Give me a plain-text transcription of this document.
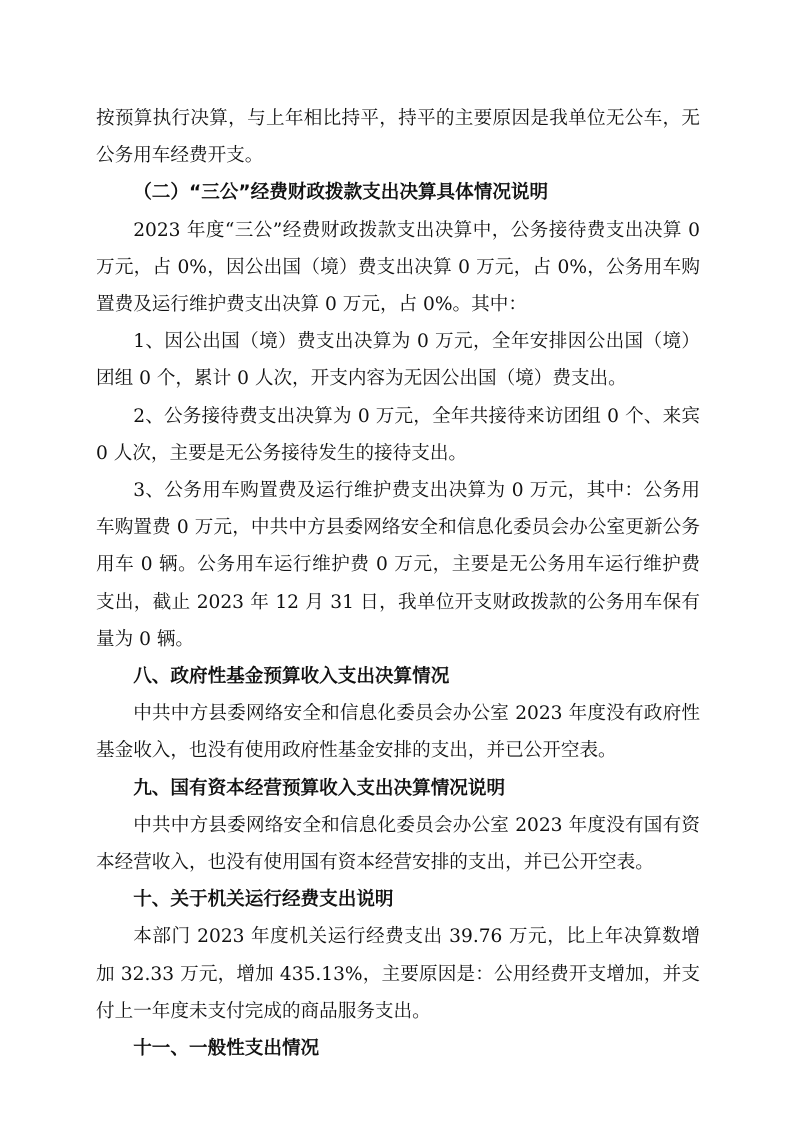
按预算执行决算，与上年相比持平，持平的主要原因是我单位无公车，无公务用车经费开支。

（二）“三公”经费财政拨款支出决算具体情况说明

2023 年度“三公”经费财政拨款支出决算中，公务接待费支出决算 0 万元，占 0%，因公出国（境）费支出决算 0 万元，占 0%，公务用车购置费及运行维护费支出决算 0 万元，占 0%。其中：

1、因公出国（境）费支出决算为 0 万元，全年安排因公出国（境）团组 0 个，累计 0 人次，开支内容为无因公出国（境）费支出。

2、公务接待费支出决算为 0 万元，全年共接待来访团组 0 个、来宾 0 人次，主要是无公务接待发生的接待支出。

3、公务用车购置费及运行维护费支出决算为 0 万元，其中：公务用车购置费 0 万元，中共中方县委网络安全和信息化委员会办公室更新公务用车 0 辆。公务用车运行维护费 0 万元，主要是无公务用车运行维护费支出，截止 2023 年 12 月 31 日，我单位开支财政拨款的公务用车保有量为 0 辆。

八、政府性基金预算收入支出决算情况

中共中方县委网络安全和信息化委员会办公室 2023 年度没有政府性基金收入，也没有使用政府性基金安排的支出，并已公开空表。

九、国有资本经营预算收入支出决算情况说明

中共中方县委网络安全和信息化委员会办公室 2023 年度没有国有资本经营收入，也没有使用国有资本经营安排的支出，并已公开空表。

十、关于机关运行经费支出说明

本部门 2023 年度机关运行经费支出 39.76 万元，比上年决算数增加 32.33 万元，增加 435.13%，主要原因是：公用经费开支增加，并支付上一年度未支付完成的商品服务支出。

十一、一般性支出情况
